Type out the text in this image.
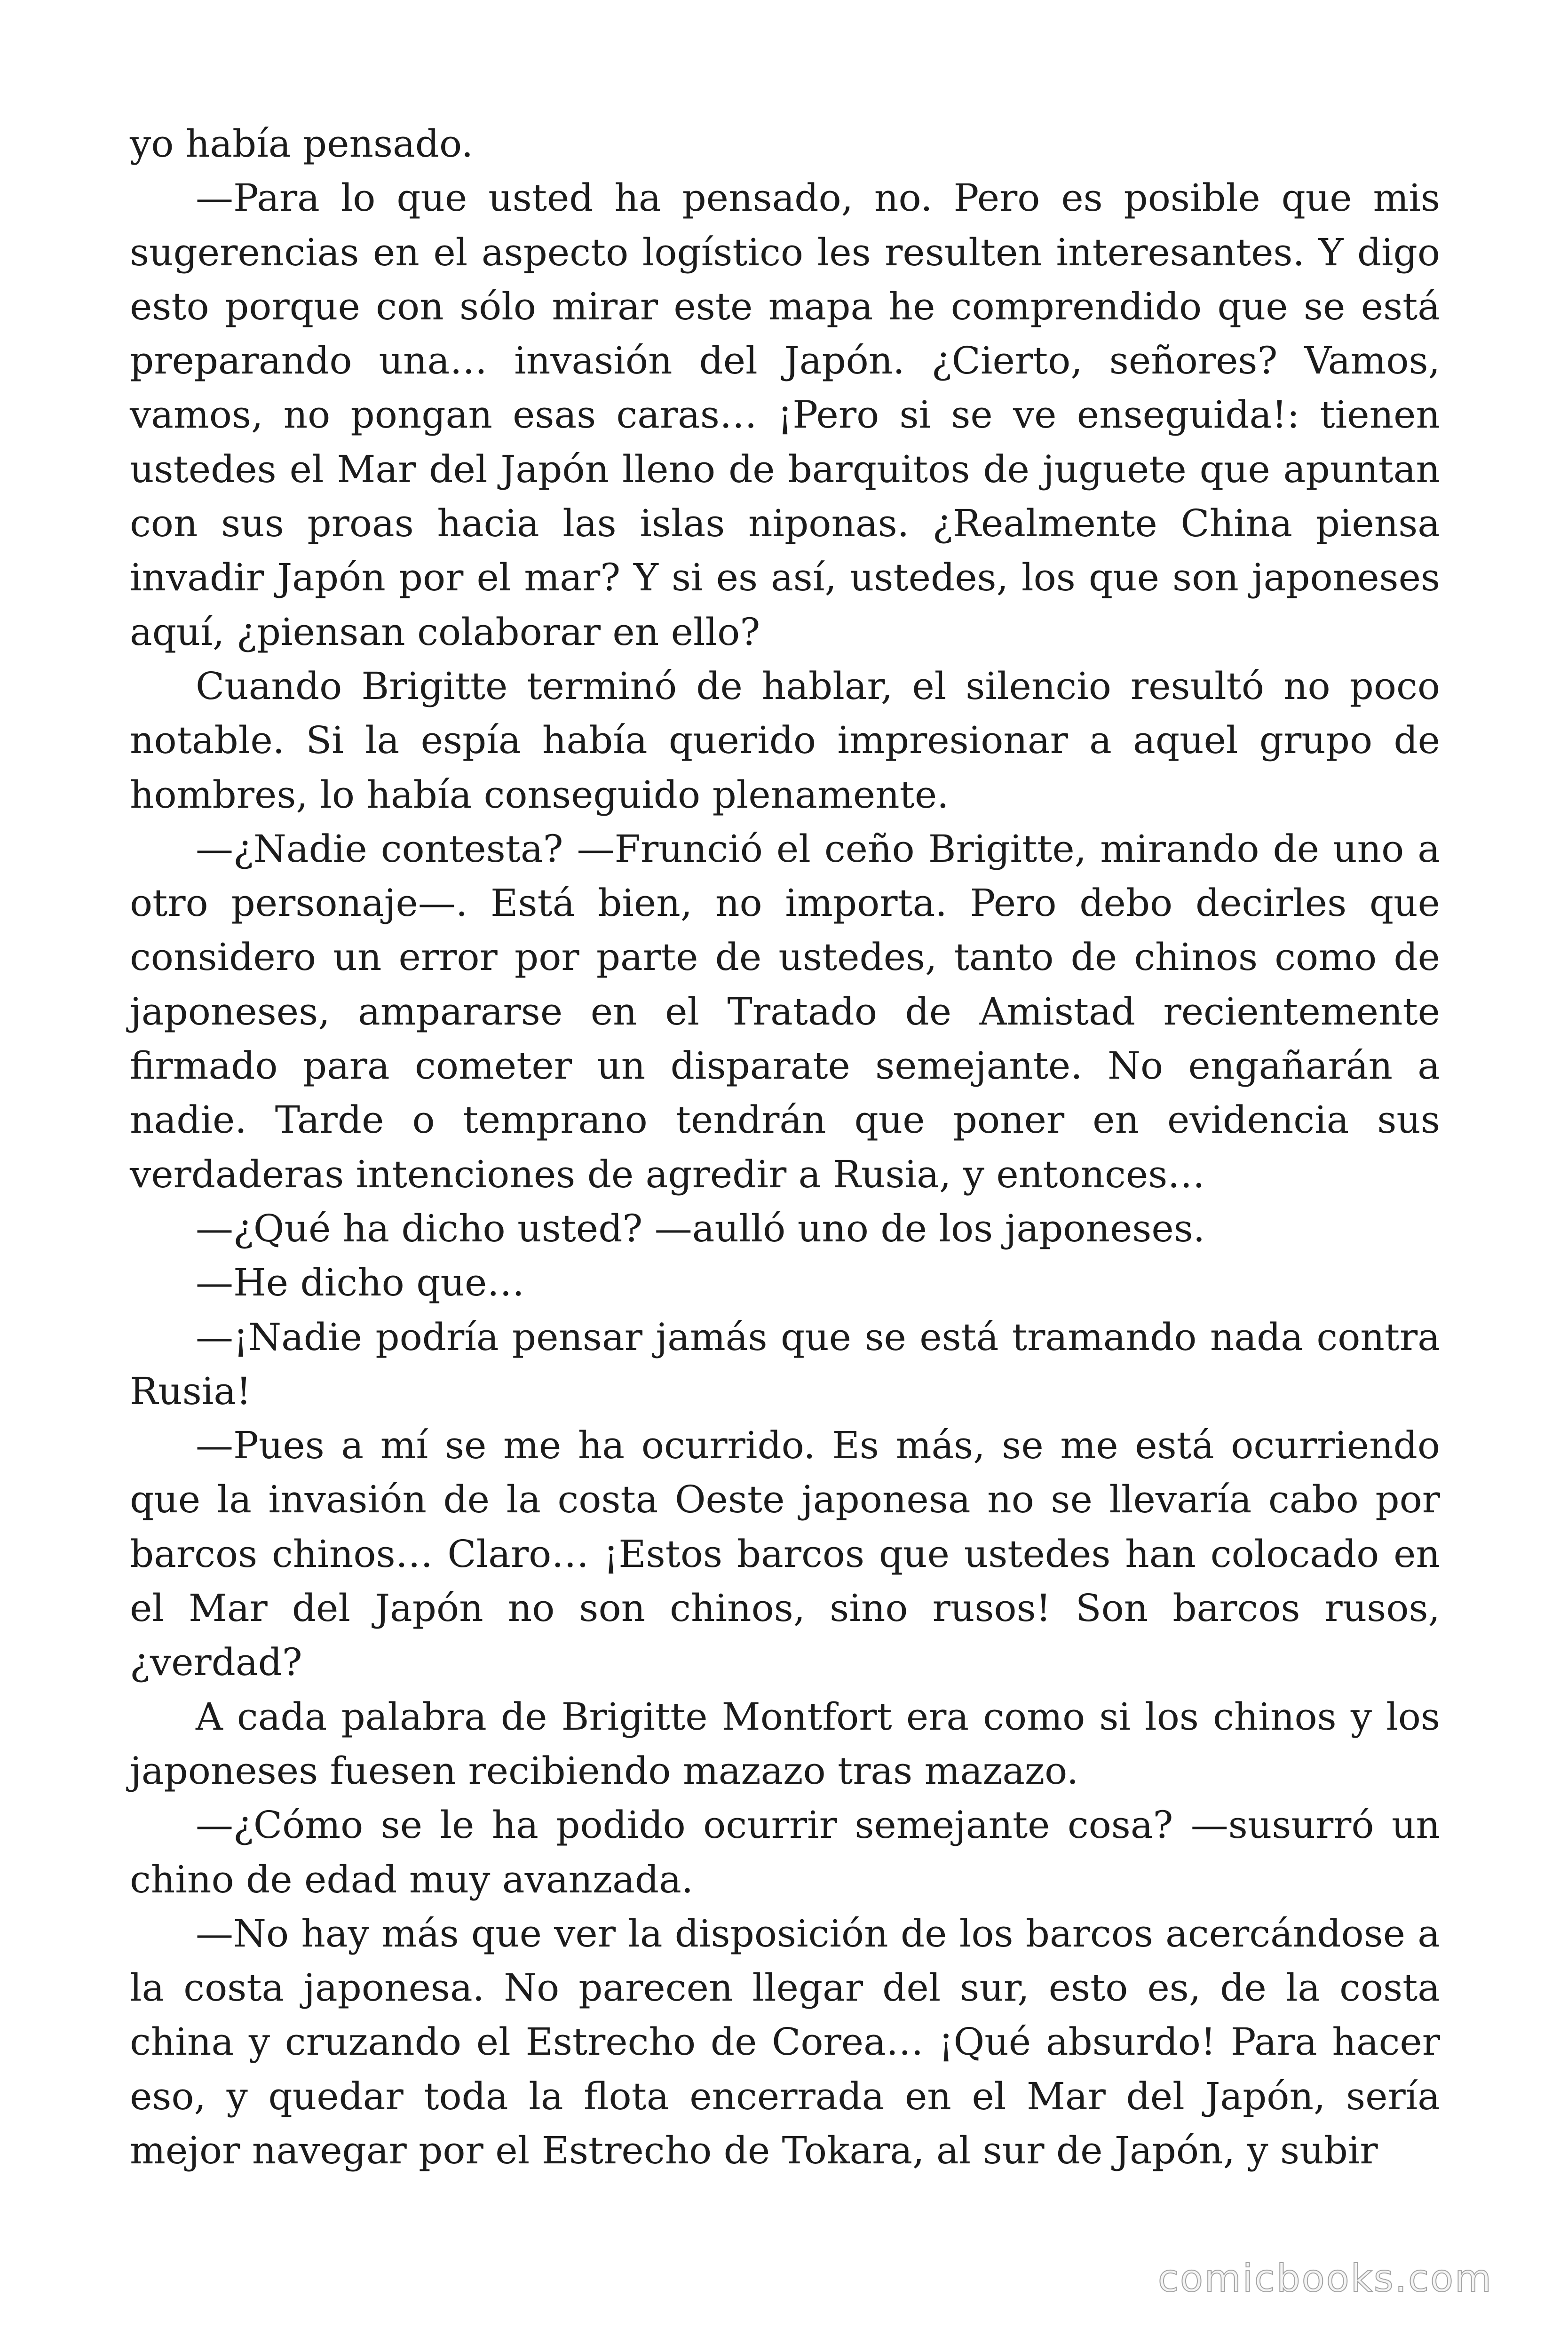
yo había pensado.

—Para lo que usted ha pensado, no. Pero es posible que mis sugerencias en el aspecto logístico les resulten interesantes. Y digo esto porque con sólo mirar este mapa he comprendido que se está preparando una… invasión del Japón. ¿Cierto, señores? Vamos, vamos, no pongan esas caras… ¡Pero si se ve enseguida!: tienen ustedes el Mar del Japón lleno de barquitos de juguete que apuntan con sus proas hacia las islas niponas. ¿Realmente China piensa invadir Japón por el mar? Y si es así, ustedes, los que son japoneses aquí, ¿piensan colaborar en ello?

Cuando Brigitte terminó de hablar, el silencio resultó no poco notable. Si la espía había querido impresionar a aquel grupo de hombres, lo había conseguido plenamente.

—¿Nadie contesta? —Frunció el ceño Brigitte, mirando de uno a otro personaje—. Está bien, no importa. Pero debo decirles que considero un error por parte de ustedes, tanto de chinos como de japoneses, ampararse en el Tratado de Amistad recientemente firmado para cometer un disparate semejante. No engañarán a nadie. Tarde o temprano tendrán que poner en evidencia sus verdaderas intenciones de agredir a Rusia, y entonces…

—¿Qué ha dicho usted? —aulló uno de los japoneses.

—He dicho que…

—¡Nadie podría pensar jamás que se está tramando nada contra Rusia!

—Pues a mí se me ha ocurrido. Es más, se me está ocurriendo que la invasión de la costa Oeste japonesa no se llevaría cabo por barcos chinos… Claro… ¡Estos barcos que ustedes han colocado en el Mar del Japón no son chinos, sino rusos! Son barcos rusos, ¿verdad?

A cada palabra de Brigitte Montfort era como si los chinos y los japoneses fuesen recibiendo mazazo tras mazazo.

—¿Cómo se le ha podido ocurrir semejante cosa? —susurró un chino de edad muy avanzada.

—No hay más que ver la disposición de los barcos acercándose a la costa japonesa. No parecen llegar del sur, esto es, de la costa china y cruzando el Estrecho de Corea… ¡Qué absurdo! Para hacer eso, y quedar toda la flota encerrada en el Mar del Japón, sería mejor navegar por el Estrecho de Tokara, al sur de Japón, y subir

comicbooks.com
